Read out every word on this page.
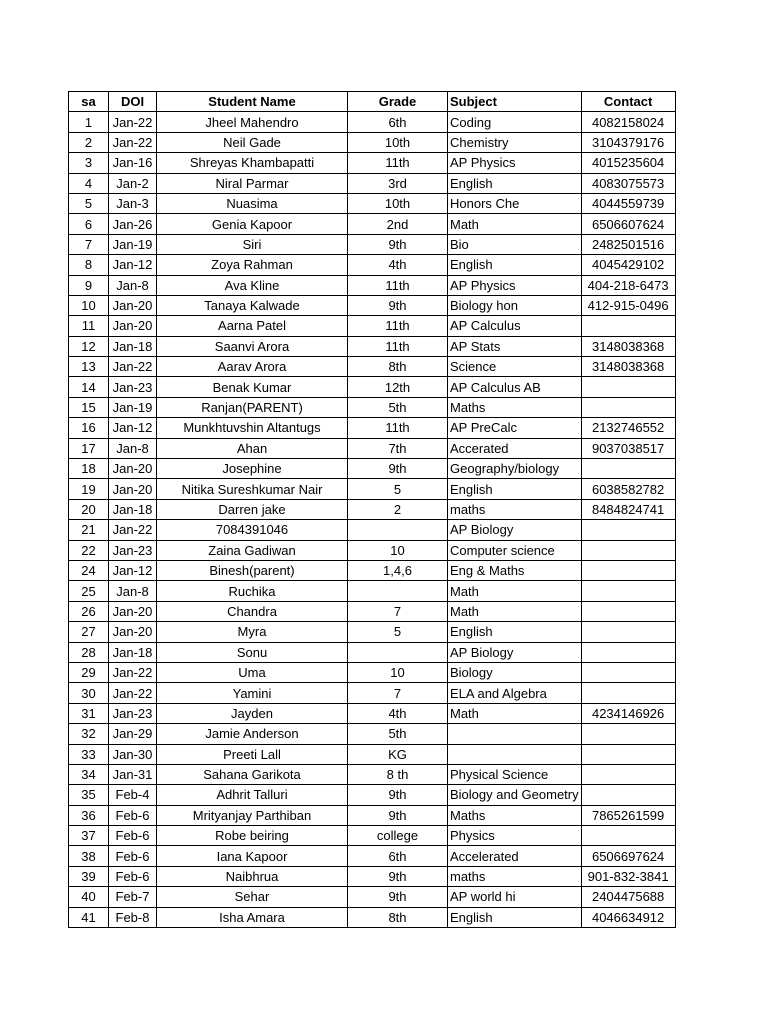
sa	DOI	Student Name	Grade	Subject	Contact
1	Jan-22	Jheel Mahendro	6th	Coding	4082158024
2	Jan-22	Neil Gade	10th	Chemistry	3104379176
3	Jan-16	Shreyas Khambapatti	11th	AP Physics	4015235604
4	Jan-2	Niral Parmar	3rd	English	4083075573
5	Jan-3	Nuasima	10th	Honors Che	4044559739
6	Jan-26	Genia Kapoor	2nd	Math	6506607624
7	Jan-19	Siri	9th	Bio	2482501516
8	Jan-12	Zoya Rahman	4th	English	4045429102
9	Jan-8	Ava Kline	11th	AP Physics	404-218-6473
10	Jan-20	Tanaya Kalwade	9th	Biology hon	412-915-0496
11	Jan-20	Aarna Patel	11th	AP Calculus	
12	Jan-18	Saanvi Arora	11th	AP Stats	3148038368
13	Jan-22	Aarav Arora	8th	Science	3148038368
14	Jan-23	Benak Kumar	12th	AP Calculus AB	
15	Jan-19	Ranjan(PARENT)	5th	Maths	
16	Jan-12	Munkhtuvshin Altantugs	11th	AP PreCalc	2132746552
17	Jan-8	Ahan	7th	Accerated	9037038517
18	Jan-20	Josephine	9th	Geography/biology	
19	Jan-20	Nitika Sureshkumar Nair	5	English	6038582782
20	Jan-18	Darren jake	2	maths	8484824741
21	Jan-22	7084391046		AP Biology	
22	Jan-23	Zaina Gadiwan	10	Computer science	
24	Jan-12	Binesh(parent)	1,4,6	Eng & Maths	
25	Jan-8	Ruchika		Math	
26	Jan-20	Chandra	7	Math	
27	Jan-20	Myra	5	English	
28	Jan-18	Sonu		AP Biology	
29	Jan-22	Uma	10	Biology	
30	Jan-22	Yamini	7	ELA and Algebra	
31	Jan-23	Jayden	4th	Math	4234146926
32	Jan-29	Jamie Anderson	5th		
33	Jan-30	Preeti Lall	KG		
34	Jan-31	Sahana Garikota	8 th	Physical Science	
35	Feb-4	Adhrit Talluri	9th	Biology and Geometry	
36	Feb-6	Mrityanjay Parthiban	9th	Maths	7865261599
37	Feb-6	Robe beiring	college	Physics	
38	Feb-6	Iana Kapoor	6th	Accelerated	6506697624
39	Feb-6	Naibhrua	9th	maths	901-832-3841
40	Feb-7	Sehar	9th	AP world hi	2404475688
41	Feb-8	Isha Amara	8th	English	4046634912
